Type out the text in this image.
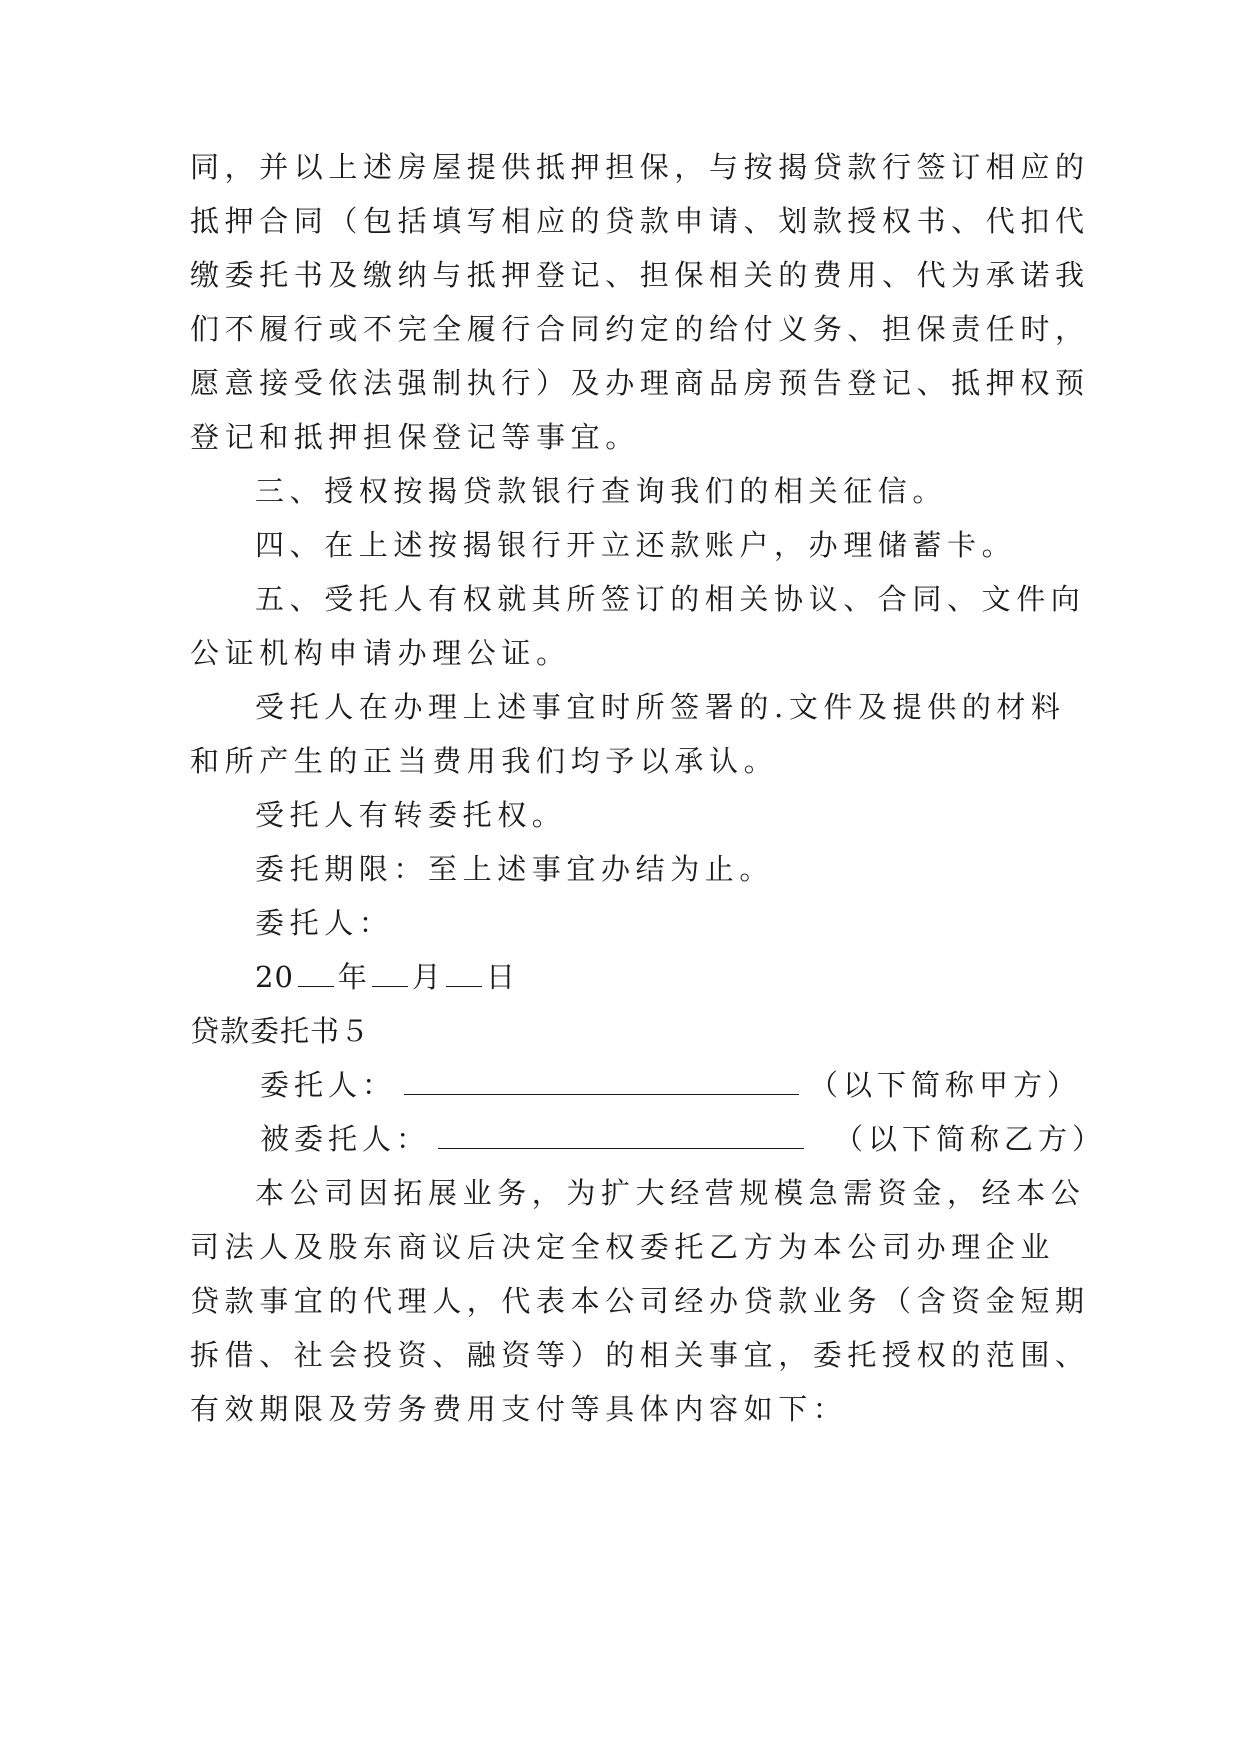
同，并以上述房屋提供抵押担保，与按揭贷款行签订相应的
抵押合同（包括填写相应的贷款申请、划款授权书、代扣代
缴委托书及缴纳与抵押登记、担保相关的费用、代为承诺我
们不履行或不完全履行合同约定的给付义务、担保责任时，
愿意接受依法强制执行）及办理商品房预告登记、抵押权预
登记和抵押担保登记等事宜。
三、授权按揭贷款银行查询我们的相关征信。
四、在上述按揭银行开立还款账户，办理储蓄卡。
五、受托人有权就其所签订的相关协议、合同、文件向
公证机构申请办理公证。
受托人在办理上述事宜时所签署的.文件及提供的材料
和所产生的正当费用我们均予以承认。
受托人有转委托权。
委托期限：至上述事宜办结为止。
委托人：
20 年 月 日
贷款委托书５
委托人：	（以下简称甲方）
被委托人：	（以下简称乙方）
本公司因拓展业务，为扩大经营规模急需资金，经本公
司法人及股东商议后决定全权委托乙方为本公司办理企业
贷款事宜的代理人，代表本公司经办贷款业务（含资金短期
拆借、社会投资、融资等）的相关事宜，委托授权的范围、
有效期限及劳务费用支付等具体内容如下：
